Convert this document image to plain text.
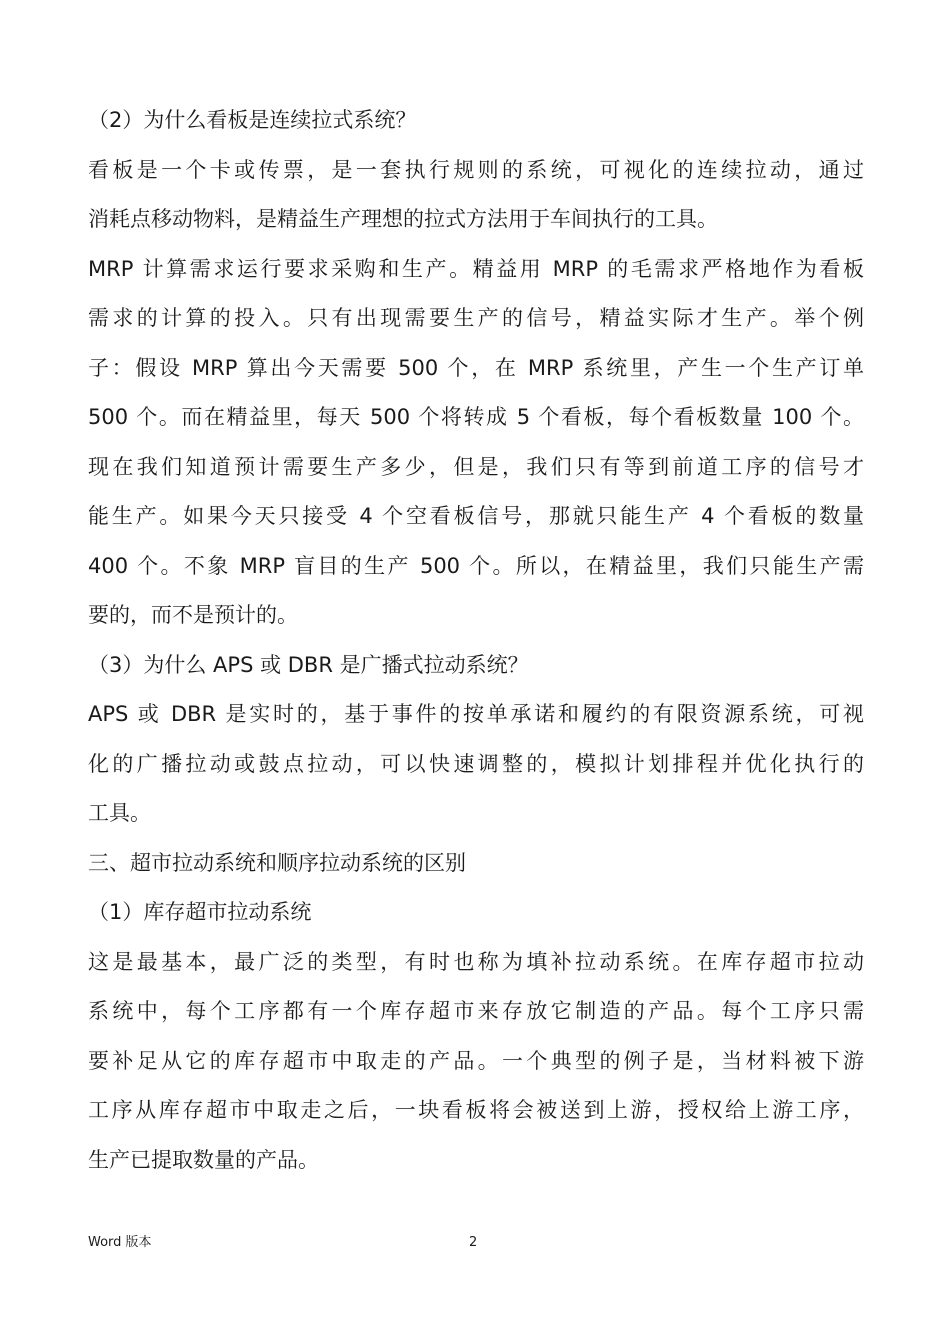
（2）为什么看板是连续拉式系统？
看板是一个卡或传票，是一套执行规则的系统，可视化的连续拉动，通过
消耗点移动物料，是精益生产理想的拉式方法用于车间执行的工具。
MRP 计算需求运行要求采购和生产。精益用 MRP 的毛需求严格地作为看板
需求的计算的投入。只有出现需要生产的信号，精益实际才生产。举个例
子：假设 MRP 算出今天需要 500 个，在 MRP 系统里，产生一个生产订单
500 个。而在精益里，每天 500 个将转成 5 个看板，每个看板数量 100 个。
现在我们知道预计需要生产多少，但是，我们只有等到前道工序的信号才
能生产。如果今天只接受 4 个空看板信号，那就只能生产 4 个看板的数量
400 个。不象 MRP 盲目的生产 500 个。所以，在精益里，我们只能生产需
要的，而不是预计的。
（3）为什么 APS 或 DBR 是广播式拉动系统？
APS 或 DBR 是实时的，基于事件的按单承诺和履约的有限资源系统，可视
化的广播拉动或鼓点拉动，可以快速调整的，模拟计划排程并优化执行的
工具。
三、超市拉动系统和顺序拉动系统的区别
（1）库存超市拉动系统
这是最基本，最广泛的类型，有时也称为填补拉动系统。在库存超市拉动
系统中，每个工序都有一个库存超市来存放它制造的产品。每个工序只需
要补足从它的库存超市中取走的产品。一个典型的例子是，当材料被下游
工序从库存超市中取走之后，一块看板将会被送到上游，授权给上游工序，
生产已提取数量的产品。
Word 版本	2
